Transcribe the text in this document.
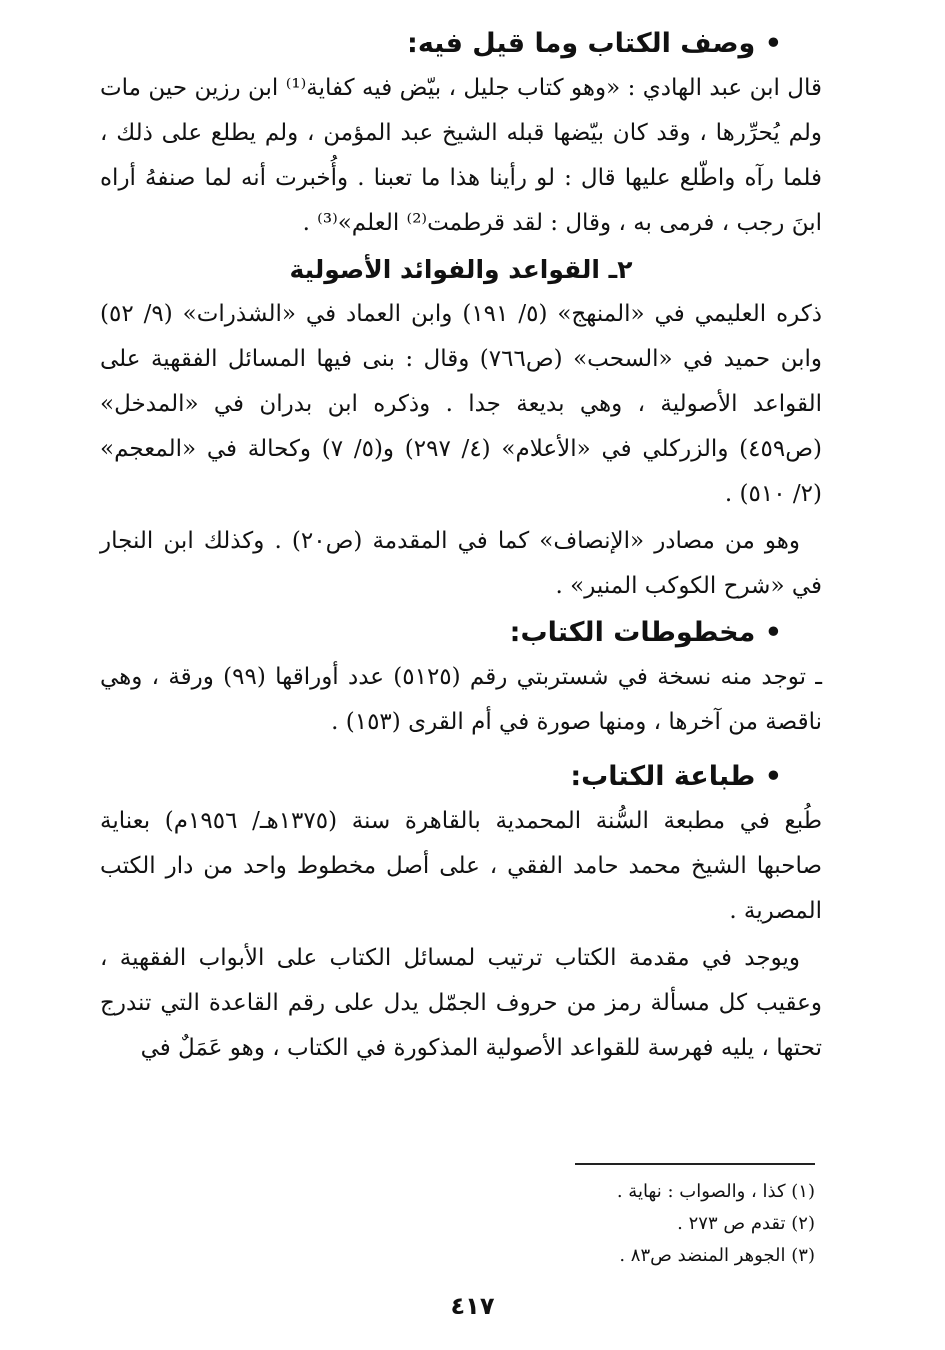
• وصف الكتاب وما قيل فيه:

قال ابن عبد الهادي : «وهو كتاب جليل ، بيّض فيه كفاية⁽¹⁾ ابن رزين حين مات ولم يُحرِّرها ، وقد كان بيّضها قبله الشيخ عبد المؤمن ، ولم يطلع على ذلك ، فلما رآه واطّلع عليها قال : لو رأينا هذا ما تعبنا . وأُخبرت أنه لما صنفهُ أراه ابنَ رجب ، فرمى به ، وقال : لقد قرطمت⁽²⁾ العلم»⁽³⁾ .

٢ـ القواعد والفوائد الأصولية

ذكره العليمي في «المنهج» (٥/ ١٩١) وابن العماد في «الشذرات» (٩/ ٥٢) وابن حميد في «السحب» (ص٧٦٦) وقال : بنى فيها المسائل الفقهية على القواعد الأصولية ، وهي بديعة جدا . وذكره ابن بدران في «المدخل» (ص٤٥٩) والزركلي في «الأعلام» (٤/ ٢٩٧) و(٥/ ٧) وكحالة في «المعجم» (٢/ ٥١٠) .

وهو من مصادر «الإنصاف» كما في المقدمة (ص٢٠) . وكذلك ابن النجار في «شرح الكوكب المنير» .

• مخطوطات الكتاب:

ـ توجد منه نسخة في شستربتي رقم (٥١٢٥) عدد أوراقها (٩٩) ورقة ، وهي ناقصة من آخرها ، ومنها صورة في أم القرى (١٥٣) .

• طباعة الكتاب:

طُبع في مطبعة السُّنة المحمدية بالقاهرة سنة (١٣٧٥هـ/ ١٩٥٦م) بعناية صاحبها الشيخ محمد حامد الفقي ، على أصل مخطوط واحد من دار الكتب المصرية .

ويوجد في مقدمة الكتاب ترتيب لمسائل الكتاب على الأبواب الفقهية ، وعقيب كل مسألة رمز من حروف الجمّل يدل على رقم القاعدة التي تندرج تحتها ، يليه فهرسة للقواعد الأصولية المذكورة في الكتاب ، وهو عَمَلٌ في

(١) كذا ، والصواب : نهاية .

(٢) تقدم ص ٢٧٣ .

(٣) الجوهر المنضد ص٨٣ .

٤١٧
